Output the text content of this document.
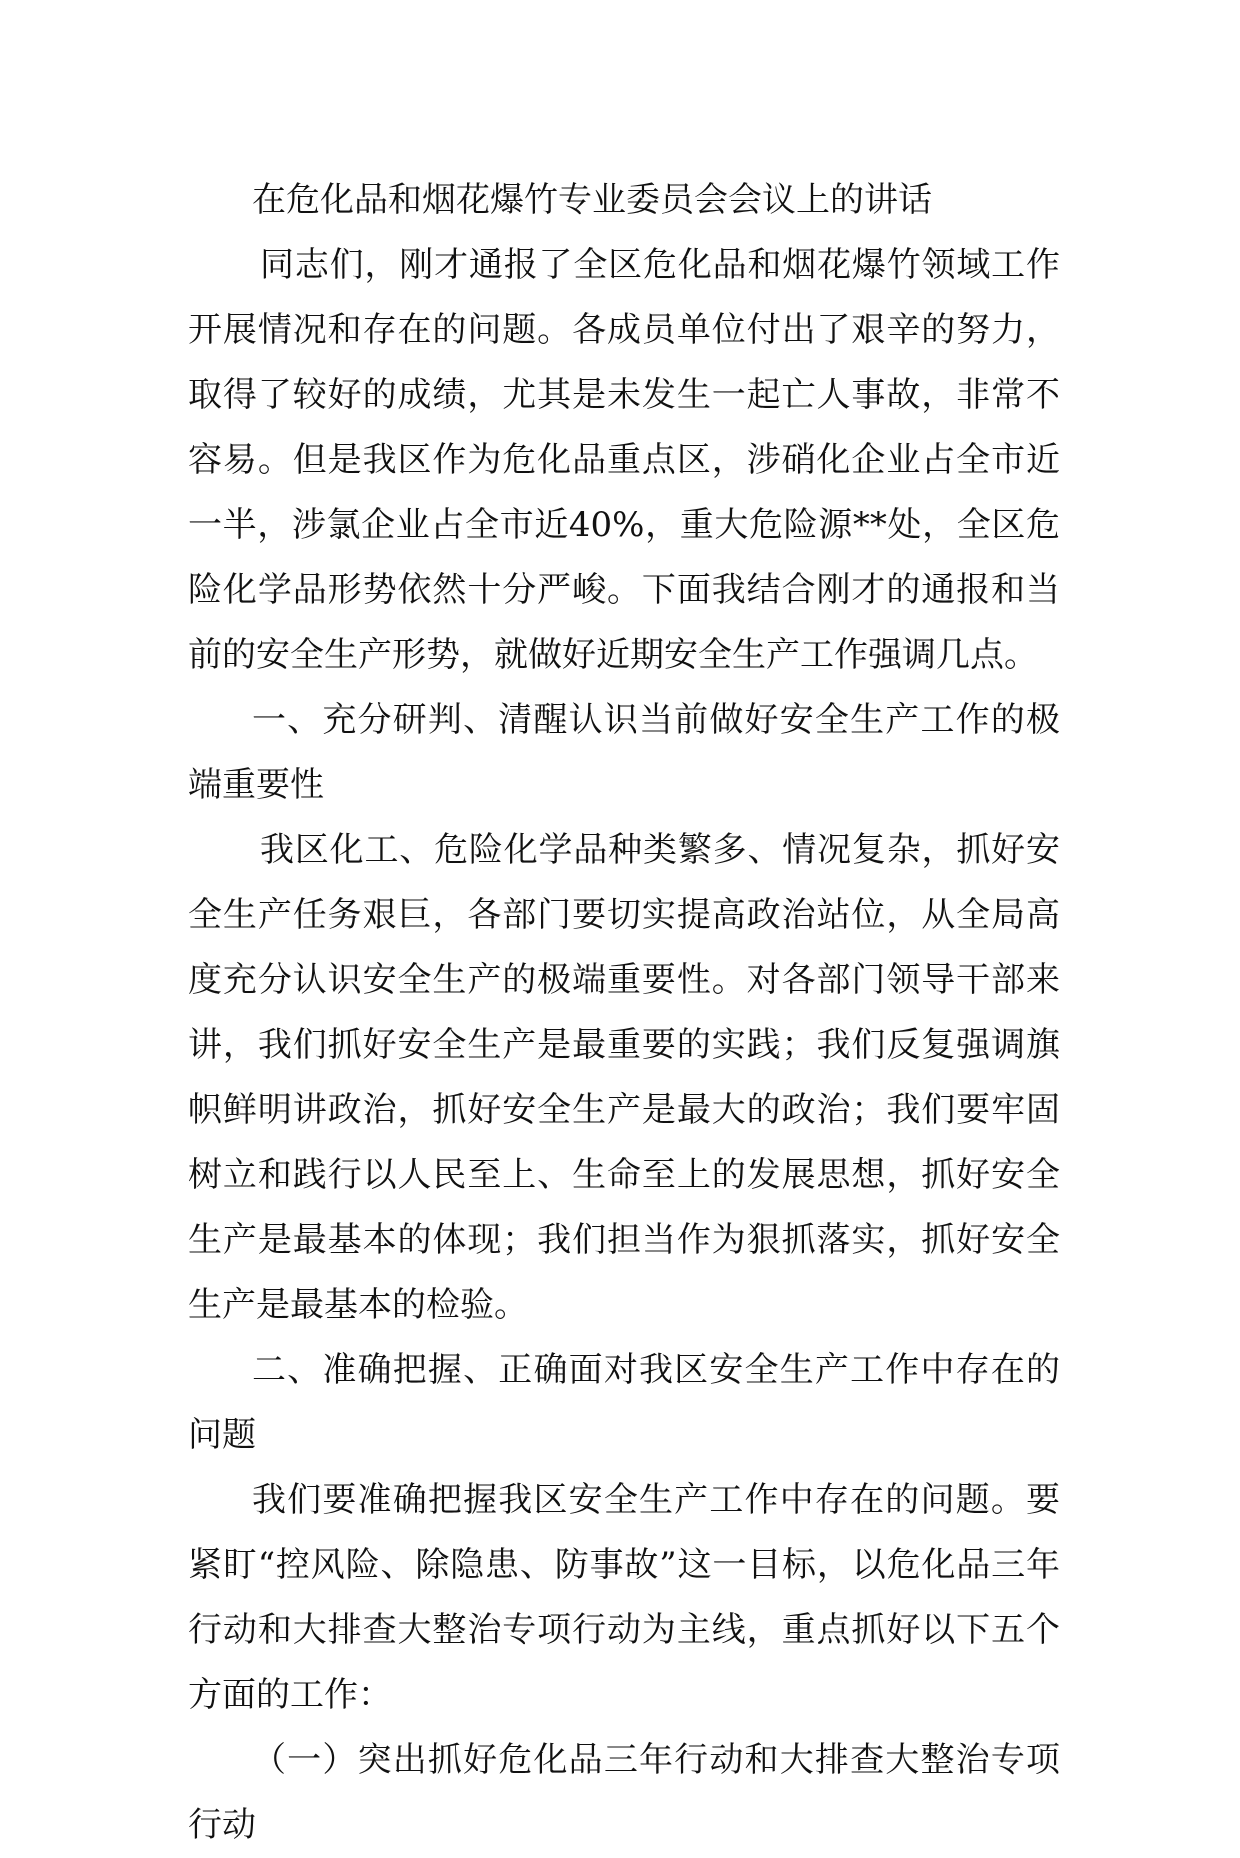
在危化品和烟花爆竹专业委员会会议上的讲话

同志们，刚才通报了全区危化品和烟花爆竹领域工作开展情况和存在的问题。各成员单位付出了艰辛的努力，取得了较好的成绩，尤其是未发生一起亡人事故，非常不容易。但是我区作为危化品重点区，涉硝化企业占全市近一半，涉氯企业占全市近40%，重大危险源**处，全区危险化学品形势依然十分严峻。下面我结合刚才的通报和当前的安全生产形势，就做好近期安全生产工作强调几点。

一、充分研判、清醒认识当前做好安全生产工作的极端重要性

我区化工、危险化学品种类繁多、情况复杂，抓好安全生产任务艰巨，各部门要切实提高政治站位，从全局高度充分认识安全生产的极端重要性。对各部门领导干部来讲，我们抓好安全生产是最重要的实践；我们反复强调旗帜鲜明讲政治，抓好安全生产是最大的政治；我们要牢固树立和践行以人民至上、生命至上的发展思想，抓好安全生产是最基本的体现；我们担当作为狠抓落实，抓好安全生产是最基本的检验。

二、准确把握、正确面对我区安全生产工作中存在的问题

我们要准确把握我区安全生产工作中存在的问题。要紧盯“控风险、除隐患、防事故”这一目标，以危化品三年行动和大排查大整治专项行动为主线，重点抓好以下五个方面的工作：

（一）突出抓好危化品三年行动和大排查大整治专项行动
